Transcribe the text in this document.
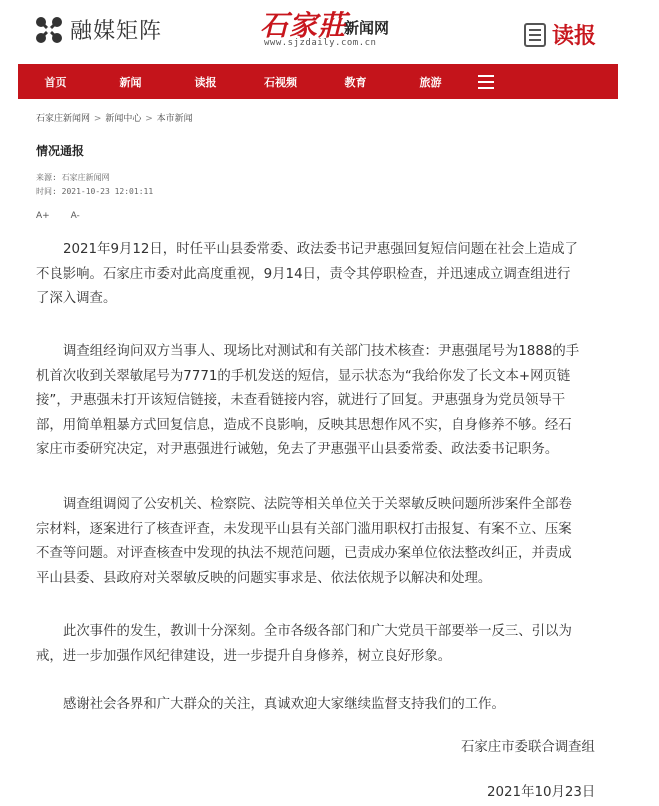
融媒矩阵	石家莊
新闻网
www.sjzdaily.com.cn	读报
首页	新闻	读报	石视频	教育	旅游
石家庄新闻网 > 新闻中心 > 本市新闻
情况通报
来源: 石家庄新闻网
时间: 2021-10-23 12:01:11
A+ A-

2021年9月12日，时任平山县委常委、政法委书记尹惠强回复短信问题在社会上造成了

不良影响。石家庄市委对此高度重视，9月14日，责令其停职检查，并迅速成立调查组进行

了深入调查。

调查组经询问双方当事人、现场比对测试和有关部门技术核查：尹惠强尾号为1888的手

机首次收到关翠敏尾号为7771的手机发送的短信，显示状态为“我给你发了长文本+网页链

接”，尹惠强未打开该短信链接，未查看链接内容，就进行了回复。尹惠强身为党员领导干

部，用简单粗暴方式回复信息，造成不良影响，反映其思想作风不实，自身修养不够。经石

家庄市委研究决定，对尹惠强进行诫勉，免去了尹惠强平山县委常委、政法委书记职务。

调查组调阅了公安机关、检察院、法院等相关单位关于关翠敏反映问题所涉案件全部卷

宗材料，逐案进行了核查评查，未发现平山县有关部门滥用职权打击报复、有案不立、压案

不查等问题。对评查核查中发现的执法不规范问题，已责成办案单位依法整改纠正，并责成

平山县委、县政府对关翠敏反映的问题实事求是、依法依规予以解决和处理。

此次事件的发生，教训十分深刻。全市各级各部门和广大党员干部要举一反三、引以为

戒，进一步加强作风纪律建设，进一步提升自身修养，树立良好形象。

感谢社会各界和广大群众的关注，真诚欢迎大家继续监督支持我们的工作。

石家庄市委联合调查组
2021年10月23日
